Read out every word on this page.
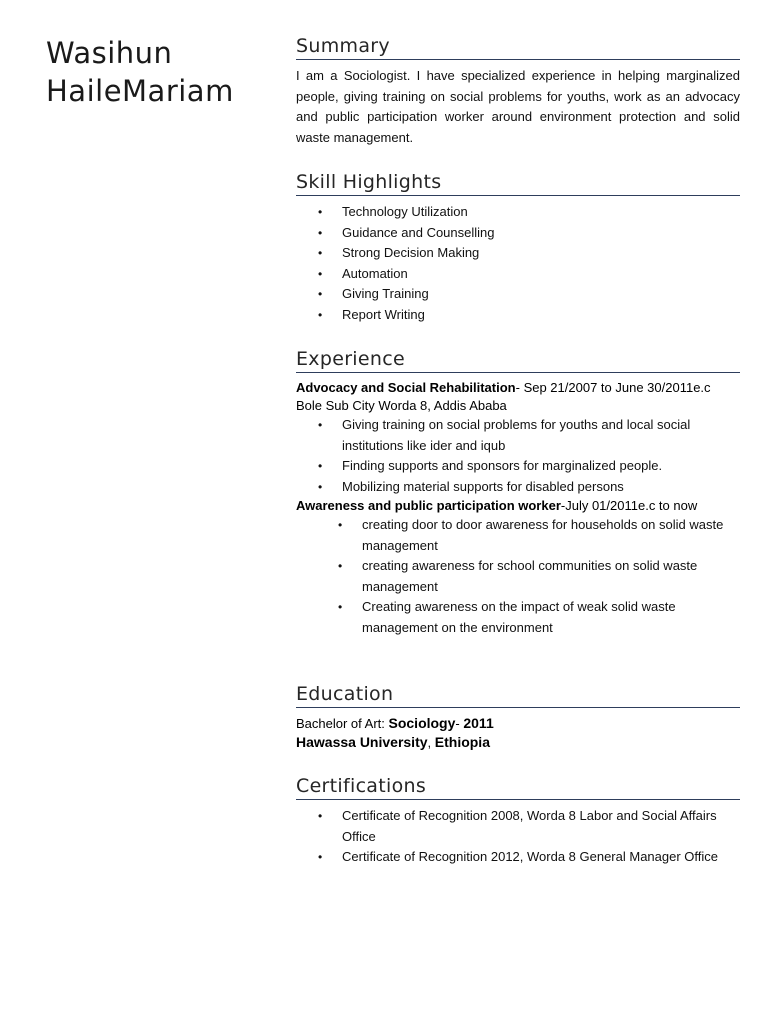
Wasihun
HaileMariam
Summary

I am a Sociologist. I have specialized experience in helping marginalized people, giving training on social problems for youths, work as an advocacy and public participation worker around environment protection and solid waste management.

Skill Highlights
• Technology Utilization
• Guidance and Counselling
• Strong Decision Making
• Automation
• Giving Training
• Report Writing
Experience
Advocacy and Social Rehabilitation- Sep 21/2007 to June 30/2011e.c
Bole Sub City Worda 8, Addis Ababa
• Giving training on social problems for youths and local social institutions like ider and iqub
• Finding supports and sponsors for marginalized people.
• Mobilizing material supports for disabled persons
Awareness and public participation worker-July 01/2011e.c to now
• creating door to door awareness for households on solid waste management
• creating awareness for school communities on solid waste management
• Creating awareness on the impact of weak solid waste management on the environment
Education
Bachelor of Art: Sociology- 2011
Hawassa University, Ethiopia
Certifications
• Certificate of Recognition 2008, Worda 8 Labor and Social Affairs Office
• Certificate of Recognition 2012, Worda 8 General Manager Office
